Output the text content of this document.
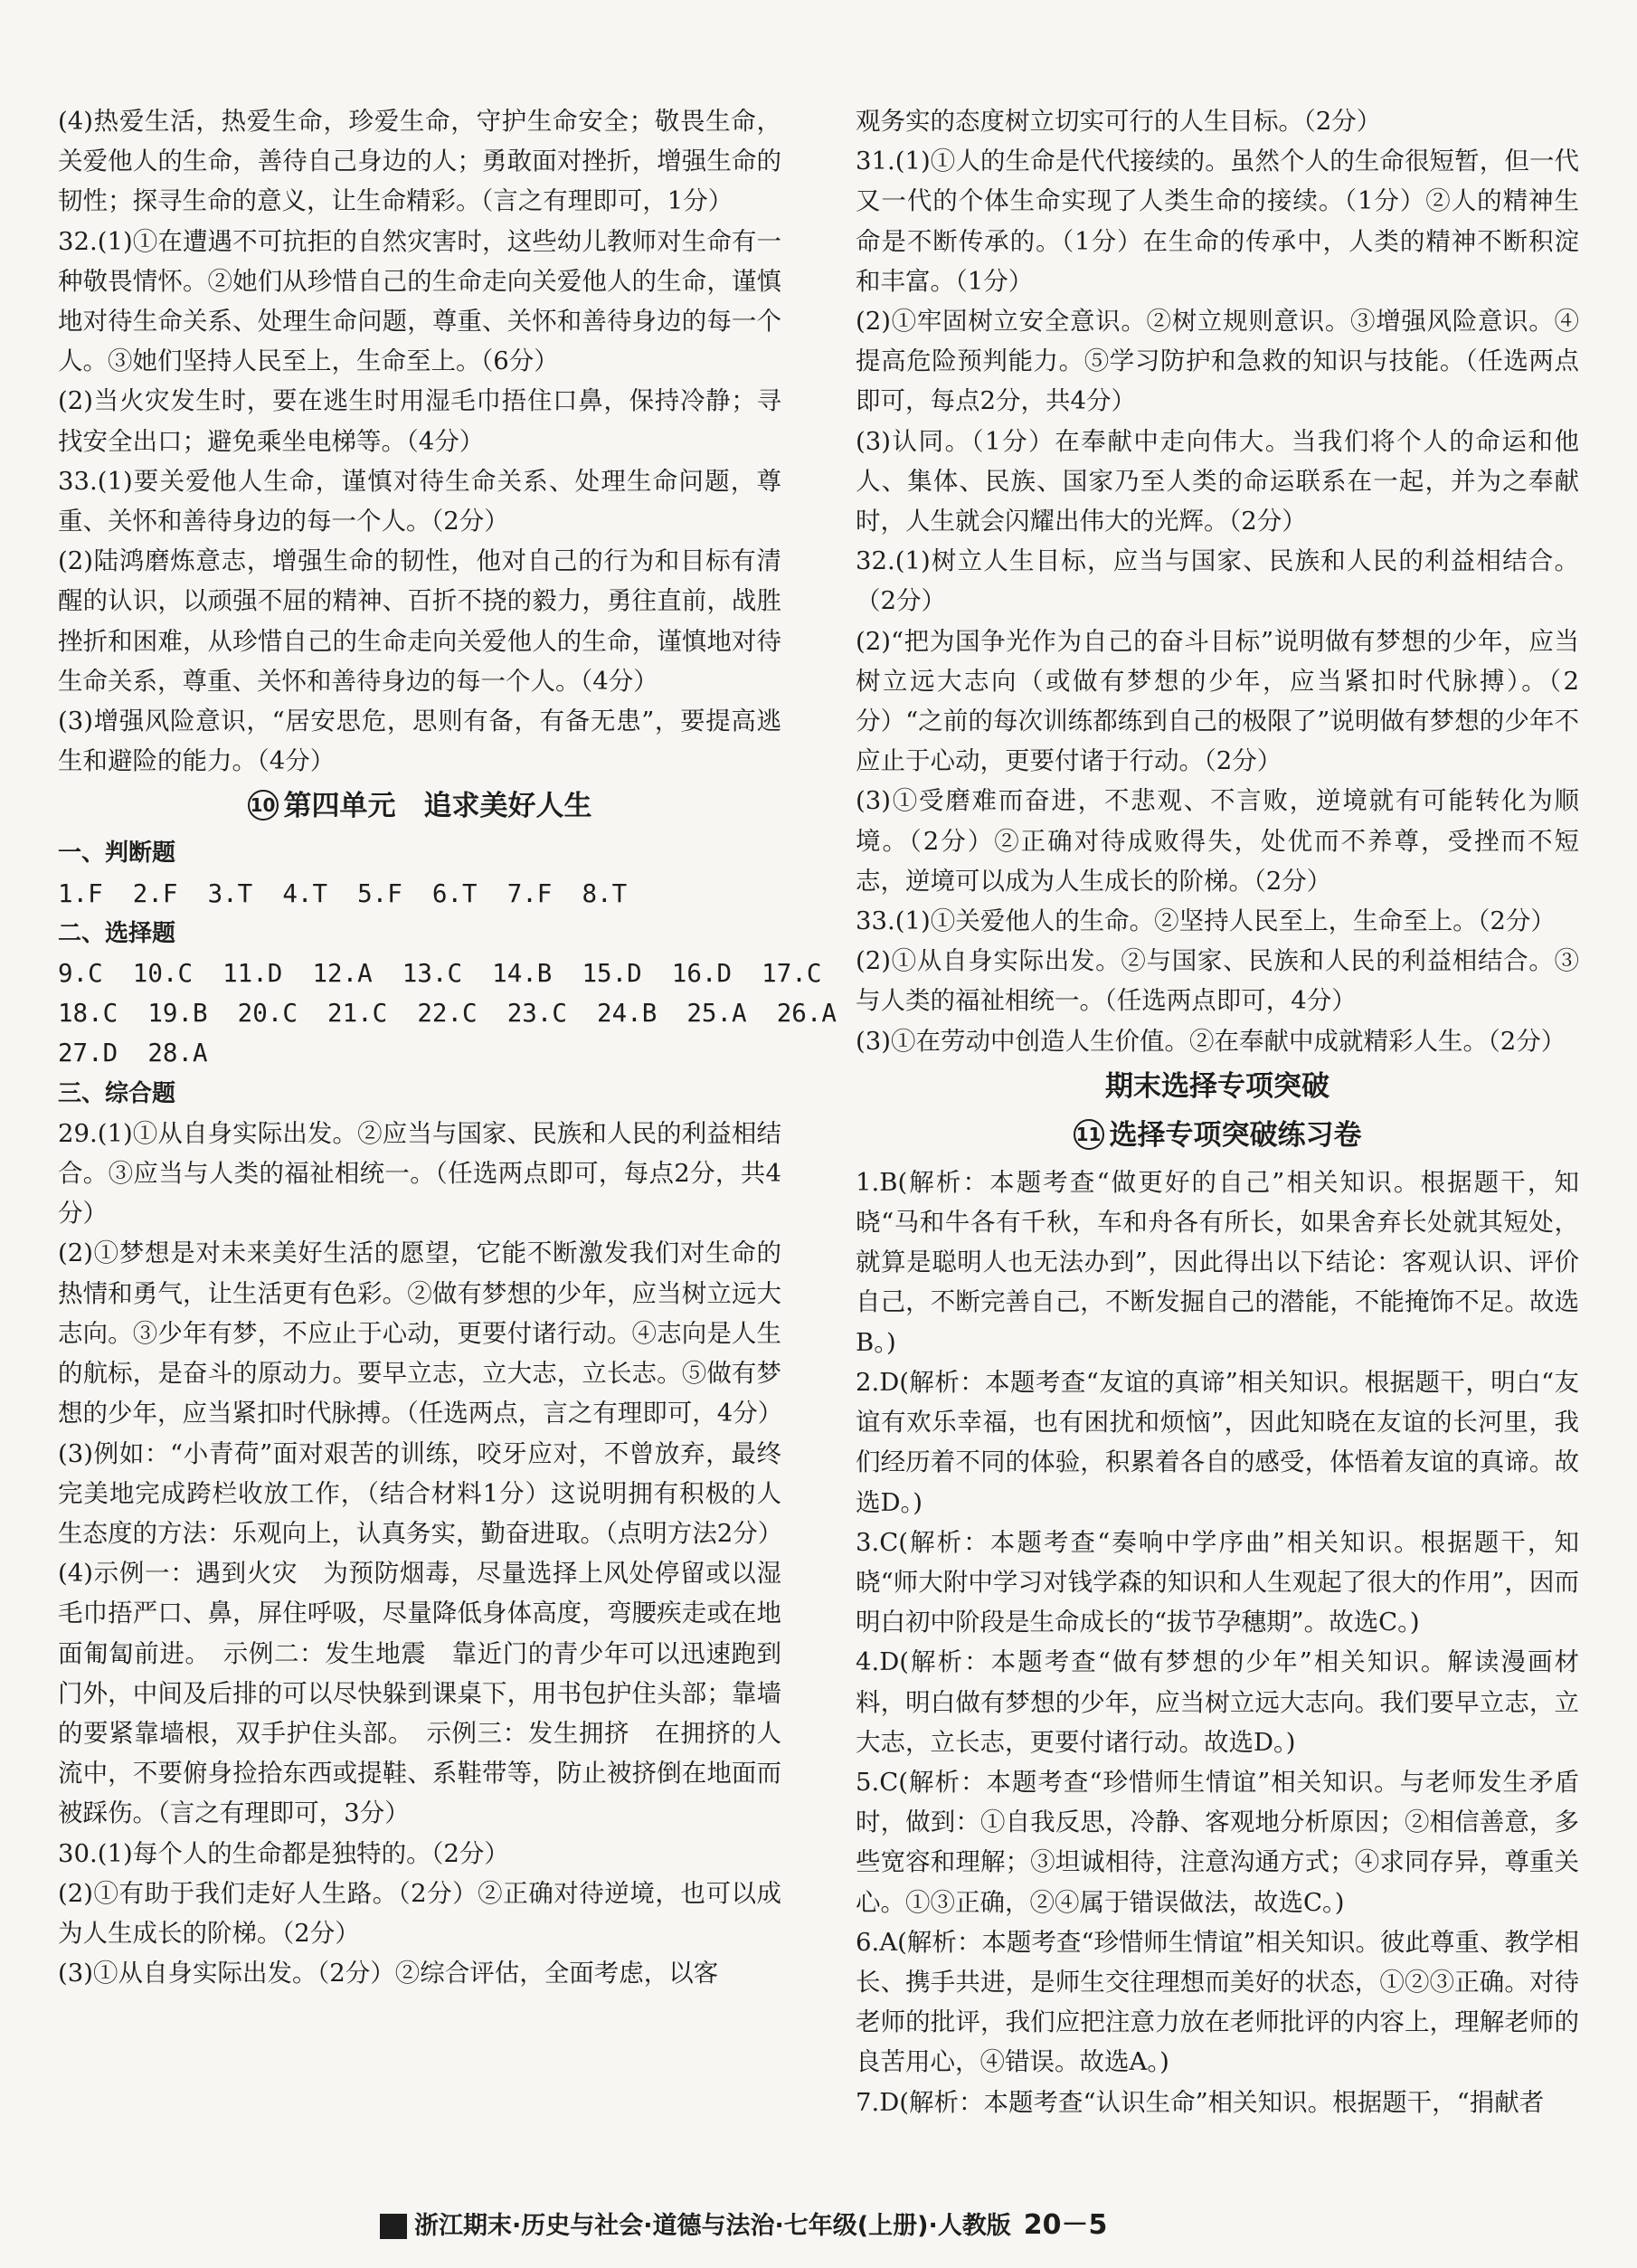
(4)热爱生活，热爱生命，珍爱生命，守护生命安全；敬畏生命，关爱他人的生命，善待自己身边的人；勇敢面对挫折，增强生命的韧性；探寻生命的意义，让生命精彩。（言之有理即可，1分）
32.(1)①在遭遇不可抗拒的自然灾害时，这些幼儿教师对生命有一种敬畏情怀。②她们从珍惜自己的生命走向关爱他人的生命，谨慎地对待生命关系、处理生命问题，尊重、关怀和善待身边的每一个人。③她们坚持人民至上，生命至上。（6分）
(2)当火灾发生时，要在逃生时用湿毛巾捂住口鼻，保持冷静；寻找安全出口；避免乘坐电梯等。（4分）
33.(1)要关爱他人生命，谨慎对待生命关系、处理生命问题，尊重、关怀和善待身边的每一个人。（2分）
(2)陆鸿磨炼意志，增强生命的韧性，他对自己的行为和目标有清醒的认识，以顽强不屈的精神、百折不挠的毅力，勇往直前，战胜挫折和困难，从珍惜自己的生命走向关爱他人的生命，谨慎地对待生命关系，尊重、关怀和善待身边的每一个人。（4分）
(3)增强风险意识，“居安思危，思则有备，有备无患”，要提高逃生和避险的能力。（4分）
10 第四单元　追求美好人生
一、判断题
1.F  2.F  3.T  4.T  5.F  6.T  7.F  8.T
二、选择题
9.C  10.C  11.D  12.A  13.C  14.B  15.D  16.D  17.C
18.C  19.B  20.C  21.C  22.C  23.C  24.B  25.A  26.A
27.D  28.A
三、综合题
29.(1)①从自身实际出发。②应当与国家、民族和人民的利益相结合。③应当与人类的福祉相统一。（任选两点即可，每点2分，共4分）
(2)①梦想是对未来美好生活的愿望，它能不断激发我们对生命的热情和勇气，让生活更有色彩。②做有梦想的少年，应当树立远大志向。③少年有梦，不应止于心动，更要付诸行动。④志向是人生的航标，是奋斗的原动力。要早立志，立大志，立长志。⑤做有梦想的少年，应当紧扣时代脉搏。（任选两点，言之有理即可，4分）
(3)例如：“小青荷”面对艰苦的训练，咬牙应对，不曾放弃，最终完美地完成跨栏收放工作，（结合材料1分）这说明拥有积极的人生态度的方法：乐观向上，认真务实，勤奋进取。（点明方法2分）
(4)示例一：遇到火灾　为预防烟毒，尽量选择上风处停留或以湿毛巾捂严口、鼻，屏住呼吸，尽量降低身体高度，弯腰疾走或在地面匍匐前进。　示例二：发生地震　靠近门的青少年可以迅速跑到门外，中间及后排的可以尽快躲到课桌下，用书包护住头部；靠墙的要紧靠墙根，双手护住头部。　示例三：发生拥挤　在拥挤的人流中，不要俯身捡拾东西或提鞋、系鞋带等，防止被挤倒在地面而被踩伤。（言之有理即可，3分）
30.(1)每个人的生命都是独特的。（2分）
(2)①有助于我们走好人生路。（2分）②正确对待逆境，也可以成为人生成长的阶梯。（2分）
(3)①从自身实际出发。（2分）②综合评估，全面考虑，以客
观务实的态度树立切实可行的人生目标。（2分）
31.(1)①人的生命是代代接续的。虽然个人的生命很短暂，但一代又一代的个体生命实现了人类生命的接续。（1分）②人的精神生命是不断传承的。（1分）在生命的传承中，人类的精神不断积淀和丰富。（1分）
(2)①牢固树立安全意识。②树立规则意识。③增强风险意识。④提高危险预判能力。⑤学习防护和急救的知识与技能。（任选两点即可，每点2分，共4分）
(3)认同。（1分）在奉献中走向伟大。当我们将个人的命运和他人、集体、民族、国家乃至人类的命运联系在一起，并为之奉献时，人生就会闪耀出伟大的光辉。（2分）
32.(1)树立人生目标，应当与国家、民族和人民的利益相结合。（2分）
(2)“把为国争光作为自己的奋斗目标”说明做有梦想的少年，应当树立远大志向（或做有梦想的少年，应当紧扣时代脉搏）。（2分）“之前的每次训练都练到自己的极限了”说明做有梦想的少年不应止于心动，更要付诸于行动。（2分）
(3)①受磨难而奋进，不悲观、不言败，逆境就有可能转化为顺境。（2分）②正确对待成败得失，处优而不养尊，受挫而不短志，逆境可以成为人生成长的阶梯。（2分）
33.(1)①关爱他人的生命。②坚持人民至上，生命至上。（2分）
(2)①从自身实际出发。②与国家、民族和人民的利益相结合。③与人类的福祉相统一。（任选两点即可，4分）
(3)①在劳动中创造人生价值。②在奉献中成就精彩人生。（2分）
期末选择专项突破
11 选择专项突破练习卷
1.B(解析：本题考查“做更好的自己”相关知识。根据题干，知晓“马和牛各有千秋，车和舟各有所长，如果舍弃长处就其短处，就算是聪明人也无法办到”，因此得出以下结论：客观认识、评价自己，不断完善自己，不断发掘自己的潜能，不能掩饰不足。故选B。)
2.D(解析：本题考查“友谊的真谛”相关知识。根据题干，明白“友谊有欢乐幸福，也有困扰和烦恼”，因此知晓在友谊的长河里，我们经历着不同的体验，积累着各自的感受，体悟着友谊的真谛。故选D。)
3.C(解析：本题考查“奏响中学序曲”相关知识。根据题干，知晓“师大附中学习对钱学森的知识和人生观起了很大的作用”，因而明白初中阶段是生命成长的“拔节孕穗期”。故选C。)
4.D(解析：本题考查“做有梦想的少年”相关知识。解读漫画材料，明白做有梦想的少年，应当树立远大志向。我们要早立志，立大志，立长志，更要付诸行动。故选D。)
5.C(解析：本题考查“珍惜师生情谊”相关知识。与老师发生矛盾时，做到：①自我反思，冷静、客观地分析原因；②相信善意，多些宽容和理解；③坦诚相待，注意沟通方式；④求同存异，尊重关心。①③正确，②④属于错误做法，故选C。)
6.A(解析：本题考查“珍惜师生情谊”相关知识。彼此尊重、教学相长、携手共进，是师生交往理想而美好的状态，①②③正确。对待老师的批评，我们应把注意力放在老师批评的内容上，理解老师的良苦用心，④错误。故选A。)
7.D(解析：本题考查“认识生命”相关知识。根据题干，“捐献者
浙江期末·历史与社会·道德与法治·七年级(上册)·人教版 20－5
